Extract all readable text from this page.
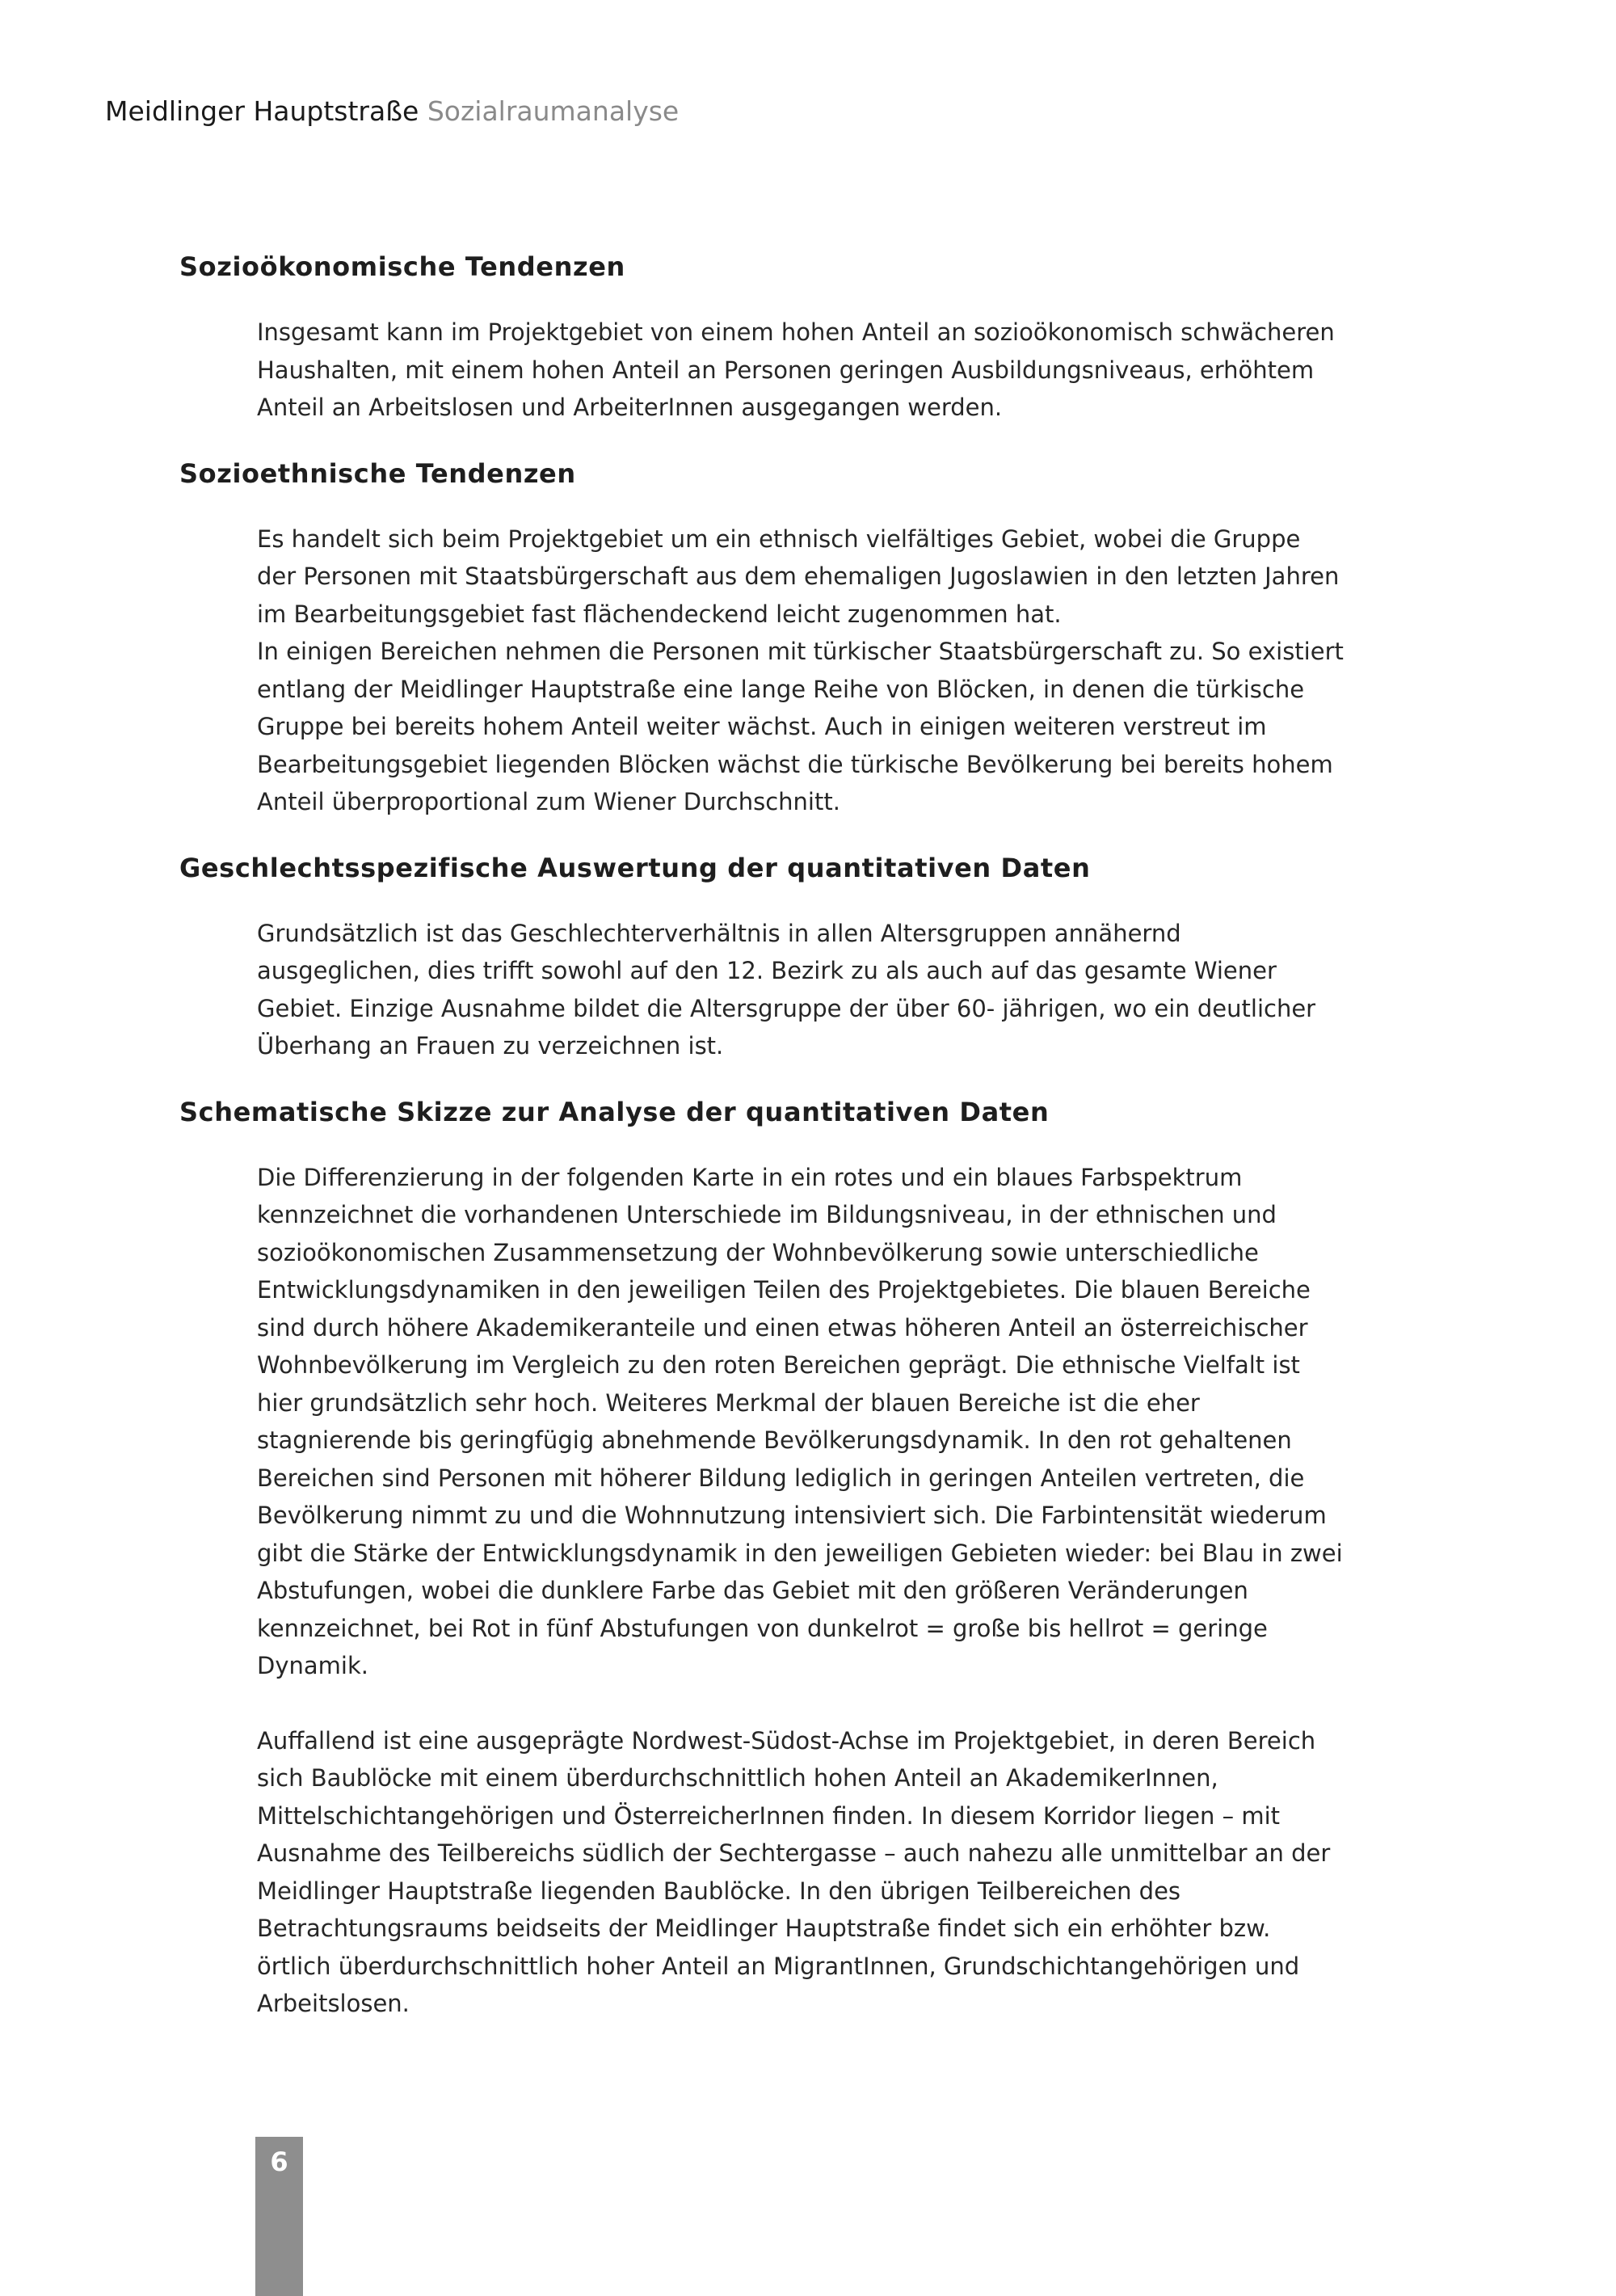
Meidlinger Hauptstraße Sozialraumanalyse
Sozioökonomische Tendenzen

Insgesamt kann im Projektgebiet von einem hohen Anteil an sozioökonomisch schwächeren Haushalten, mit einem hohen Anteil an Personen geringen Ausbildungsniveaus, erhöhtem Anteil an Arbeitslosen und ArbeiterInnen ausgegangen werden.

Sozioethnische Tendenzen

Es handelt sich beim Projektgebiet um ein ethnisch vielfältiges Gebiet, wobei die Gruppe der Personen mit Staatsbürgerschaft aus dem ehemaligen Jugoslawien in den letzten Jahren im Bearbeitungsgebiet fast flächendeckend leicht zugenommen hat.

In einigen Bereichen nehmen die Personen mit türkischer Staatsbürgerschaft zu. So existiert entlang der Meidlinger Hauptstraße eine lange Reihe von Blöcken, in denen die türkische Gruppe bei bereits hohem Anteil weiter wächst. Auch in einigen weiteren verstreut im Bearbeitungsgebiet liegenden Blöcken wächst die türkische Bevölkerung bei bereits hohem Anteil überproportional zum Wiener Durchschnitt.

Geschlechtsspezifische Auswertung der quantitativen Daten

Grundsätzlich ist das Geschlechterverhältnis in allen Altersgruppen annähernd ausgeglichen, dies trifft sowohl auf den 12. Bezirk zu als auch auf das gesamte Wiener Gebiet. Einzige Ausnahme bildet die Altersgruppe der über 60- jährigen, wo ein deutlicher Überhang an Frauen zu verzeichnen ist.

Schematische Skizze zur Analyse der quantitativen Daten

Die Differenzierung in der folgenden Karte in ein rotes und ein blaues Farbspektrum kennzeichnet die vorhandenen Unterschiede im Bildungsniveau, in der ethnischen und sozioökonomischen Zusammensetzung der Wohnbevölkerung sowie unterschiedliche Entwicklungsdynamiken in den jeweiligen Teilen des Projektgebietes. Die blauen Bereiche sind durch höhere Akademikeranteile und einen etwas höheren Anteil an österreichischer Wohnbevölkerung im Vergleich zu den roten Bereichen geprägt. Die ethnische Vielfalt ist hier grundsätzlich sehr hoch. Weiteres Merkmal der blauen Bereiche ist die eher stagnierende bis geringfügig abnehmende Bevölkerungsdynamik. In den rot gehaltenen Bereichen sind Personen mit höherer Bildung lediglich in geringen Anteilen vertreten, die Bevölkerung nimmt zu und die Wohnnutzung intensiviert sich. Die Farbintensität wiederum gibt die Stärke der Entwicklungsdynamik in den jeweiligen Gebieten wieder: bei Blau in zwei Abstufungen, wobei die dunklere Farbe das Gebiet mit den größeren Veränderungen kennzeichnet, bei Rot in fünf Abstufungen von dunkelrot = große bis hellrot = geringe Dynamik.

Auffallend ist eine ausgeprägte Nordwest-Südost-Achse im Projektgebiet, in deren Bereich sich Baublöcke mit einem überdurchschnittlich hohen Anteil an AkademikerInnen, Mittelschichtangehörigen und ÖsterreicherInnen finden. In diesem Korridor liegen – mit Ausnahme des Teilbereichs südlich der Sechtergasse – auch nahezu alle unmittelbar an der Meidlinger Hauptstraße liegenden Baublöcke. In den übrigen Teilbereichen des Betrachtungsraums beidseits der Meidlinger Hauptstraße findet sich ein erhöhter bzw. örtlich überdurchschnittlich hoher Anteil an MigrantInnen, Grundschichtangehörigen und Arbeitslosen.

6
